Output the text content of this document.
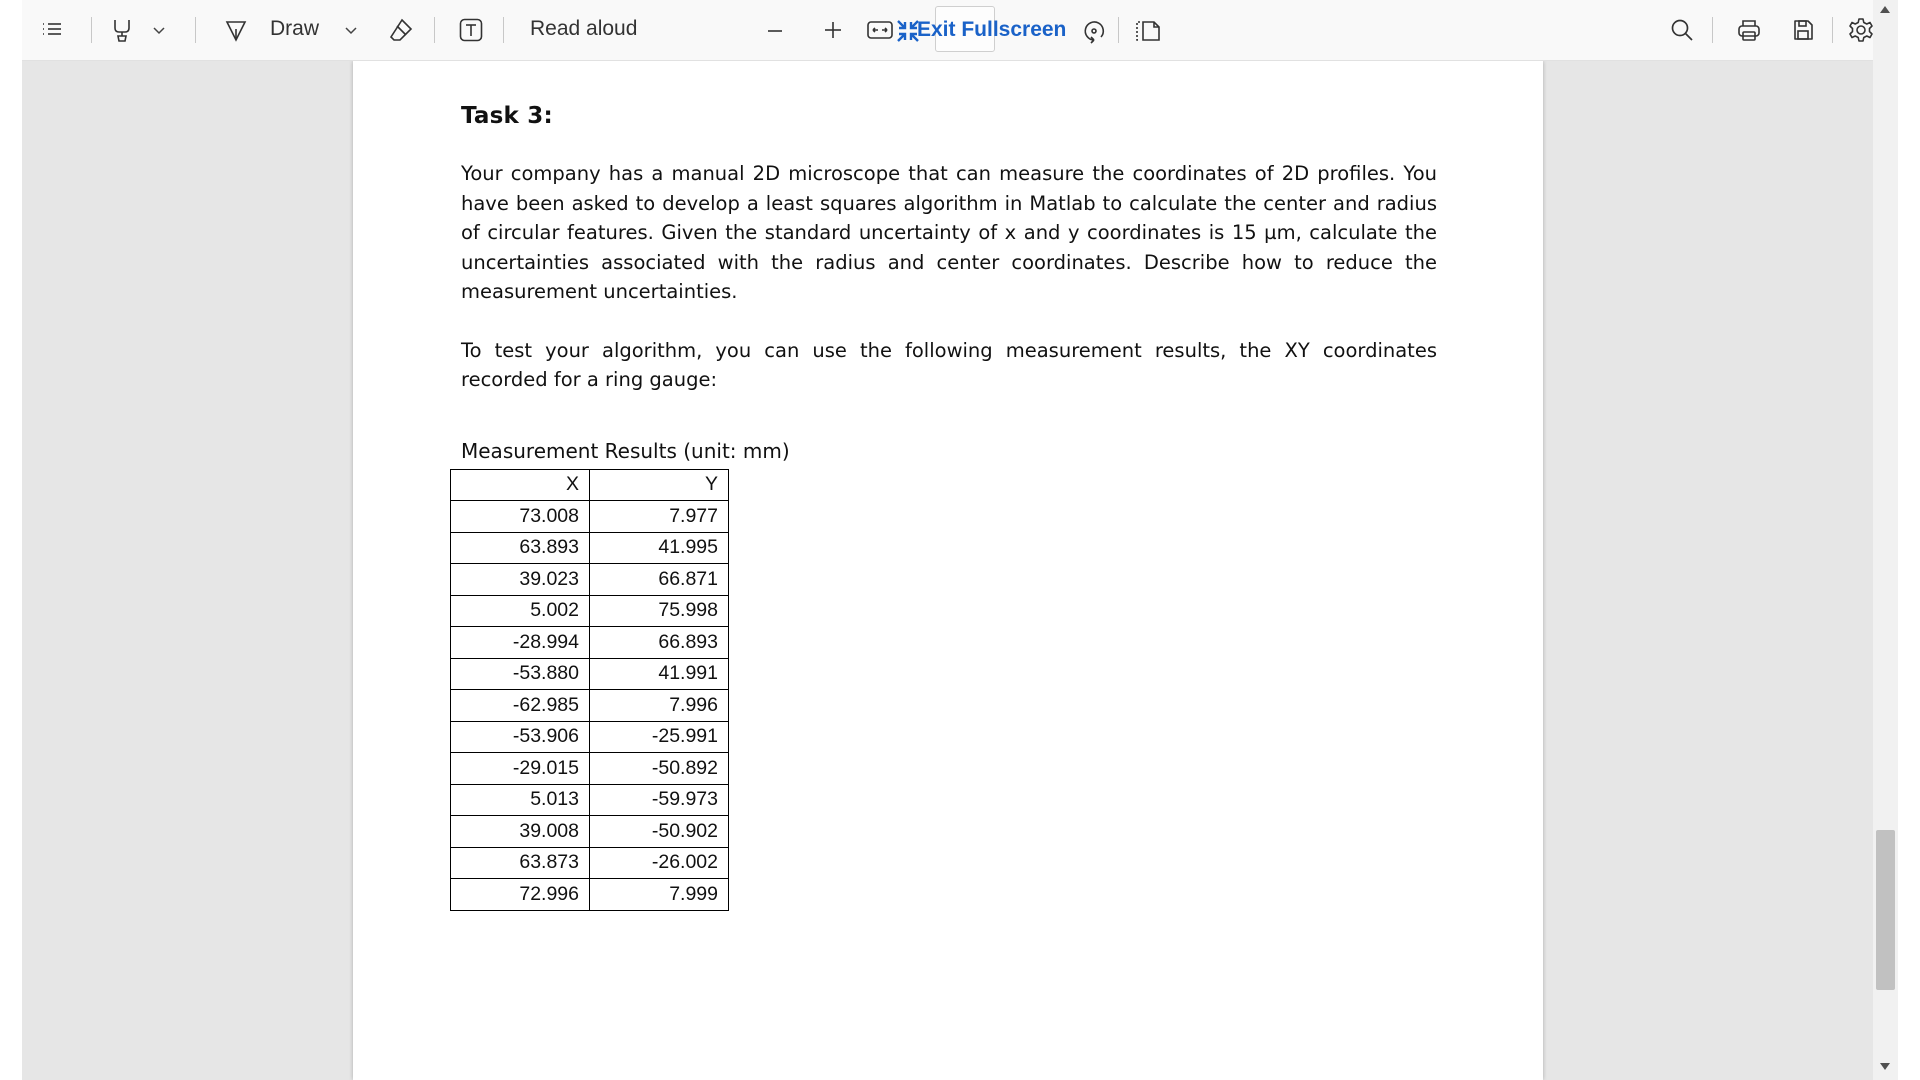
Draw	Read aloud	Exit Fullscreen
Task 3:
Your company has a manual 2D microscope that can measure the coordinates of 2D profiles. You have been asked to develop a least squares algorithm in Matlab to calculate the center and radius of circular features. Given the standard uncertainty of x and y coordinates is 15 µm, calculate the uncertainties associated with the radius and center coordinates. Describe how to reduce the measurement uncertainties.
To test your algorithm, you can use the following measurement results, the XY coordinates recorded for a ring gauge:
Measurement Results (unit: mm)
X	Y
73.008	7.977
63.893	41.995
39.023	66.871
5.002	75.998
-28.994	66.893
-53.880	41.991
-62.985	7.996
-53.906	-25.991
-29.015	-50.892
5.013	-59.973
39.008	-50.902
63.873	-26.002
72.996	7.999
